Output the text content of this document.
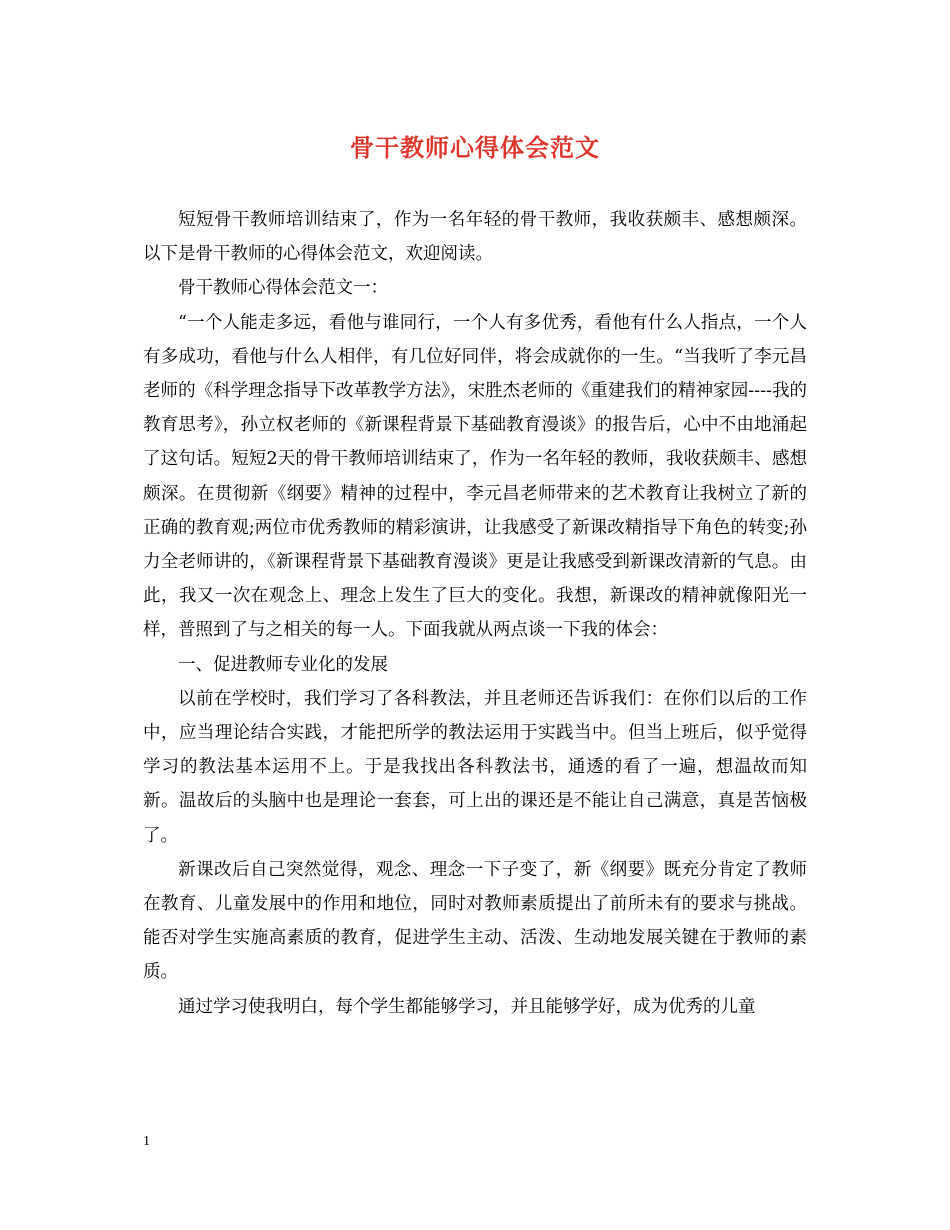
骨干教师心得体会范文

短短骨干教师培训结束了，作为一名年轻的骨干教师，我收获颇丰、感想颇深。以下是骨干教师的心得体会范文，欢迎阅读。

骨干教师心得体会范文一：

“一个人能走多远，看他与谁同行，一个人有多优秀，看他有什么人指点，一个人有多成功，看他与什么人相伴，有几位好同伴，将会成就你的一生。“当我听了李元昌老师的《科学理念指导下改革教学方法》，宋胜杰老师的《重建我们的精神家园----我的教育思考》，孙立权老师的《新课程背景下基础教育漫谈》的报告后，心中不由地涌起了这句话。短短2天的骨干教师培训结束了，作为一名年轻的教师，我收获颇丰、感想颇深。在贯彻新《纲要》精神的过程中，李元昌老师带来的艺术教育让我树立了新的正确的教育观;两位市优秀教师的精彩演讲，让我感受了新课改精指导下角色的转变;孙力全老师讲的，《新课程背景下基础教育漫谈》更是让我感受到新课改清新的气息。由此，我又一次在观念上、理念上发生了巨大的变化。我想，新课改的精神就像阳光一样，普照到了与之相关的每一人。下面我就从两点谈一下我的体会：

一、促进教师专业化的发展

以前在学校时，我们学习了各科教法，并且老师还告诉我们：在你们以后的工作中，应当理论结合实践，才能把所学的教法运用于实践当中。但当上班后，似乎觉得学习的教法基本运用不上。于是我找出各科教法书，通透的看了一遍，想温故而知新。温故后的头脑中也是理论一套套，可上出的课还是不能让自己满意，真是苦恼极了。

新课改后自己突然觉得，观念、理念一下子变了，新《纲要》既充分肯定了教师在教育、儿童发展中的作用和地位，同时对教师素质提出了前所未有的要求与挑战。能否对学生实施高素质的教育，促进学生主动、活泼、生动地发展关键在于教师的素质。

通过学习使我明白，每个学生都能够学习，并且能够学好，成为优秀的儿童

1
